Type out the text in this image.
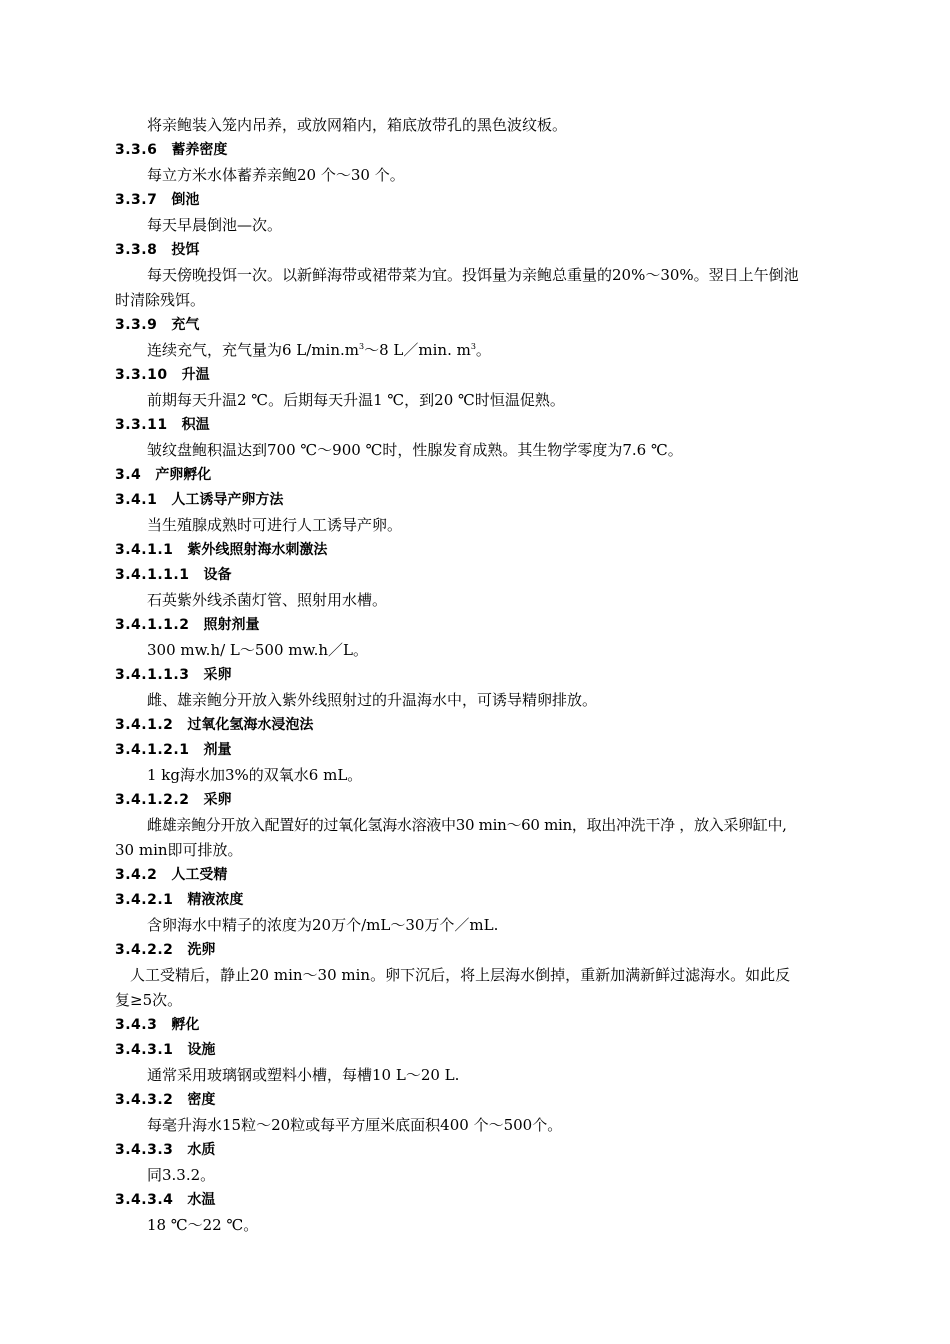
将亲鲍装入笼内吊养，或放网箱内，箱底放带孔的黑色波纹板。
3.3.6 蓄养密度
每立方米水体蓄养亲鲍20 个～30 个。
3.3.7 倒池
每天早晨倒池—次。
3.3.8 投饵
每天傍晚投饵一次。以新鲜海带或裙带菜为宜。投饵量为亲鲍总重量的20%～30%。翌日上午倒池
时清除残饵。
3.3.9 充气
连续充气，充气量为6 $L/\min.m^3\sim 8$ L／min. $m^3$。
3.3.10 升温
前期每天升温2 ℃。后期每天升温1 ℃，到20 ℃时恒温促熟。
3.3.11 积温
皱纹盘鲍积温达到700 ℃～900 ℃时，性腺发育成熟。其生物学零度为7.6 ℃。
3.4 产卵孵化
3.4.1 人工诱导产卵方法
当生殖腺成熟时可进行人工诱导产卵。
3.4.1.1 紫外线照射海水刺激法
3.4.1.1.1 设备
石英紫外线杀菌灯管、照射用水槽。
3.4.1.1.2 照射剂量
300 mw.h/ L～500 mw.h／L。
3.4.1.1.3 采卵
雌、雄亲鲍分开放入紫外线照射过的升温海水中，可诱导精卵排放。
3.4.1.2 过氧化氢海水浸泡法
3.4.1.2.1 剂量
1 kg海水加3%的双氧水6 mL。
3.4.1.2.2 采卵
雌雄亲鲍分开放入配置好的过氧化氢海水溶液中30 min～60 min，取出冲洗干净 ，放入采卵缸中,
30 min即可排放。
3.4.2 人工受精
3.4.2.1 精液浓度
含卵海水中精子的浓度为20万个/mL～30万个／mL.
3.4.2.2 洗卵
人工受精后，静止20 min～30 min。卵下沉后，将上层海水倒掉，重新加满新鲜过滤海水。如此反
复≥5次。
3.4.3 孵化
3.4.3.1 设施
通常采用玻璃钢或塑料小槽，每槽10 L～20 L.
3.4.3.2 密度
每毫升海水15粒～20粒或每平方厘米底面积400 个～500个。
3.4.3.3 水质
同3.3.2。
3.4.3.4 水温
18 ℃～22 ℃。
